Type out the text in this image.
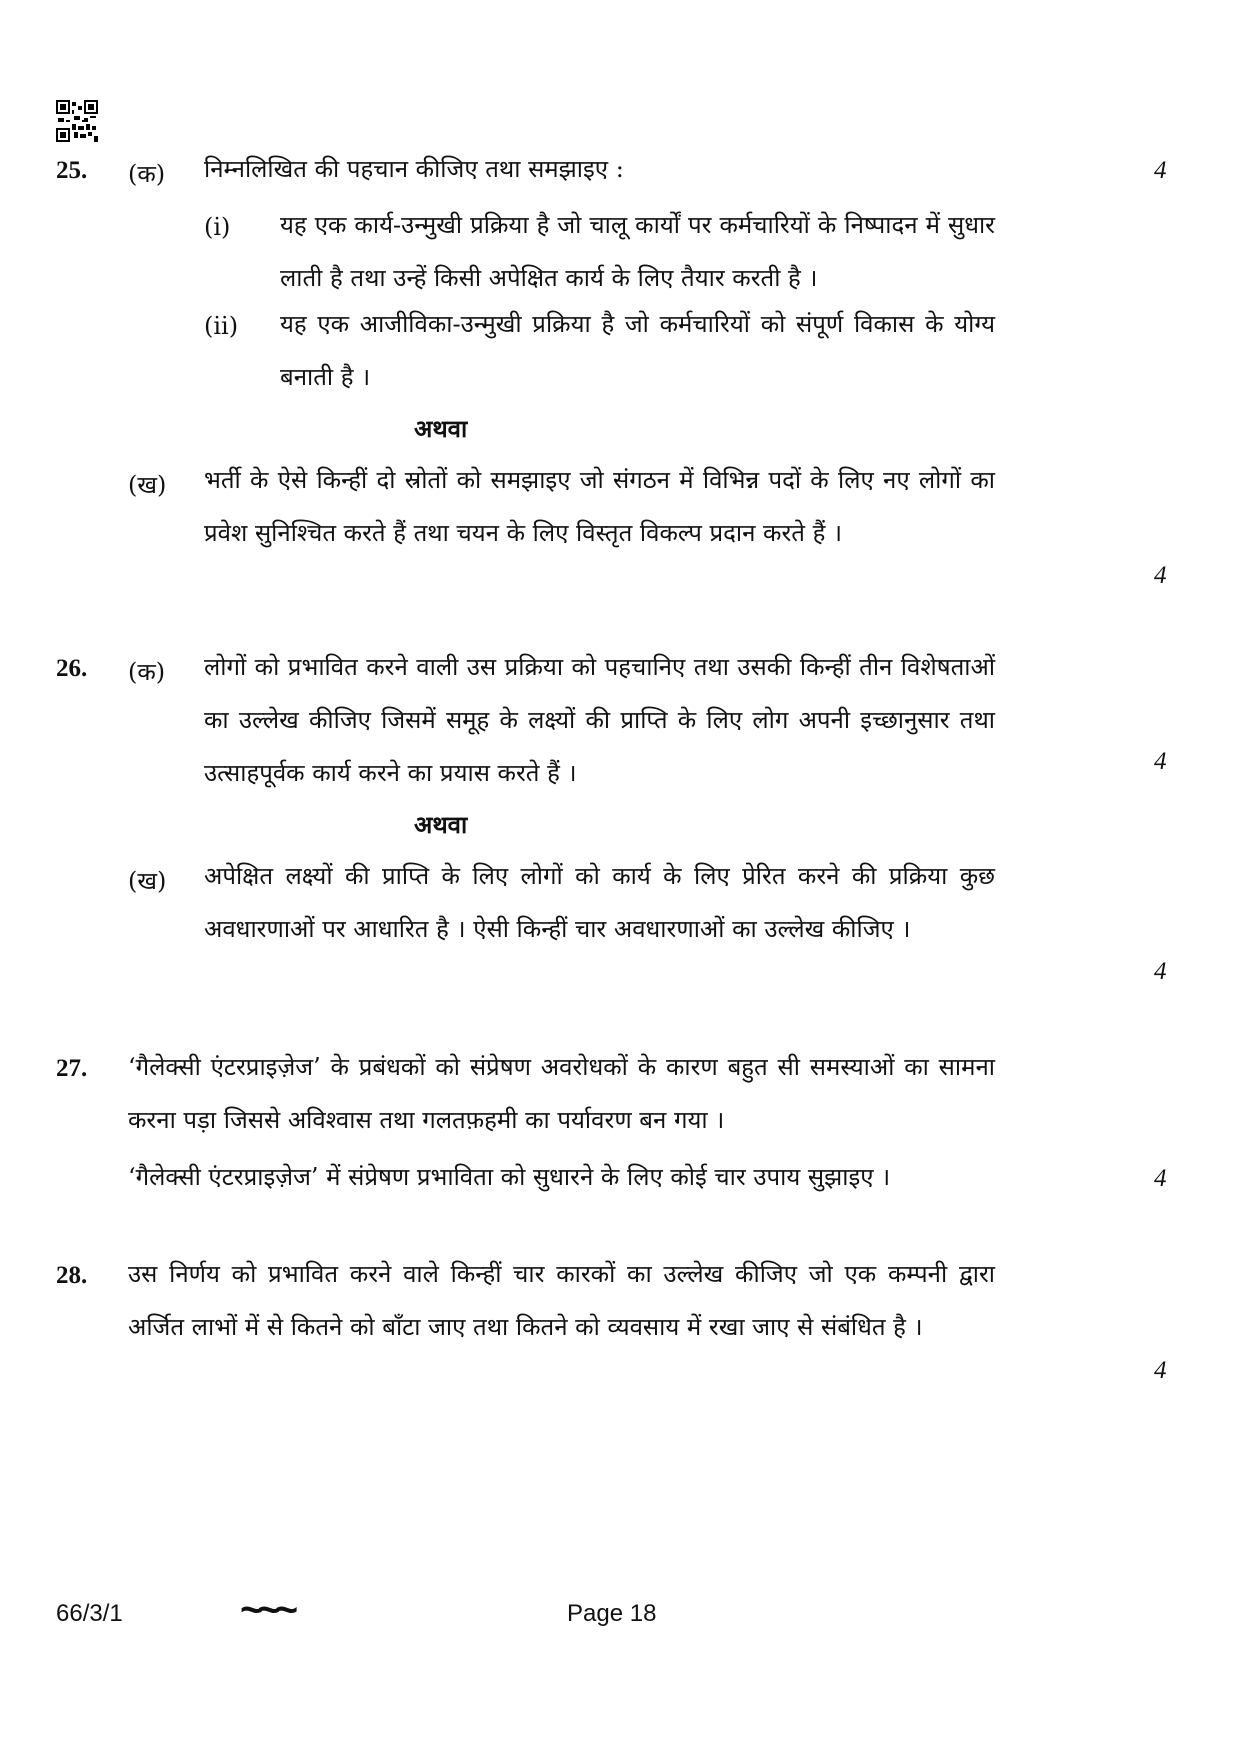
25. (क) निम्नलिखित की पहचान कीजिए तथा समझाइए :	4
(i) यह एक कार्य-उन्मुखी प्रक्रिया है जो चालू कार्यों पर कर्मचारियों के निष्पादन में सुधार लाती है तथा उन्हें किसी अपेक्षित कार्य के लिए तैयार करती है ।
(ii) यह एक आजीविका-उन्मुखी प्रक्रिया है जो कर्मचारियों को संपूर्ण विकास के योग्य बनाती है ।
अथवा
(ख) भर्ती के ऐसे किन्हीं दो स्रोतों को समझाइए जो संगठन में विभिन्न पदों के लिए नए लोगों का प्रवेश सुनिश्चित करते हैं तथा चयन के लिए विस्तृत विकल्प प्रदान करते हैं ।
4
26. (क) लोगों को प्रभावित करने वाली उस प्रक्रिया को पहचानिए तथा उसकी किन्हीं तीन विशेषताओं का उल्लेख कीजिए जिसमें समूह के लक्ष्यों की प्राप्ति के लिए लोग अपनी इच्छानुसार तथा उत्साहपूर्वक कार्य करने का प्रयास करते हैं ।	4
अथवा
(ख) अपेक्षित लक्ष्यों की प्राप्ति के लिए लोगों को कार्य के लिए प्रेरित करने की प्रक्रिया कुछ अवधारणाओं पर आधारित है । ऐसी किन्हीं चार अवधारणाओं का उल्लेख कीजिए ।
4
27. ‘गैलेक्सी एंटरप्राइज़ेज’ के प्रबंधकों को संप्रेषण अवरोधकों के कारण बहुत सी समस्याओं का सामना करना पड़ा जिससे अविश्वास तथा गलतफ़हमी का पर्यावरण बन गया ।
‘गैलेक्सी एंटरप्राइज़ेज’ में संप्रेषण प्रभाविता को सुधारने के लिए कोई चार उपाय सुझाइए ।	4
28. उस निर्णय को प्रभावित करने वाले किन्हीं चार कारकों का उल्लेख कीजिए जो एक कम्पनी द्वारा अर्जित लाभों में से कितने को बाँटा जाए तथा कितने को व्यवसाय में रखा जाए से संबंधित है ।
4
66/3/1	~~~	Page 18
